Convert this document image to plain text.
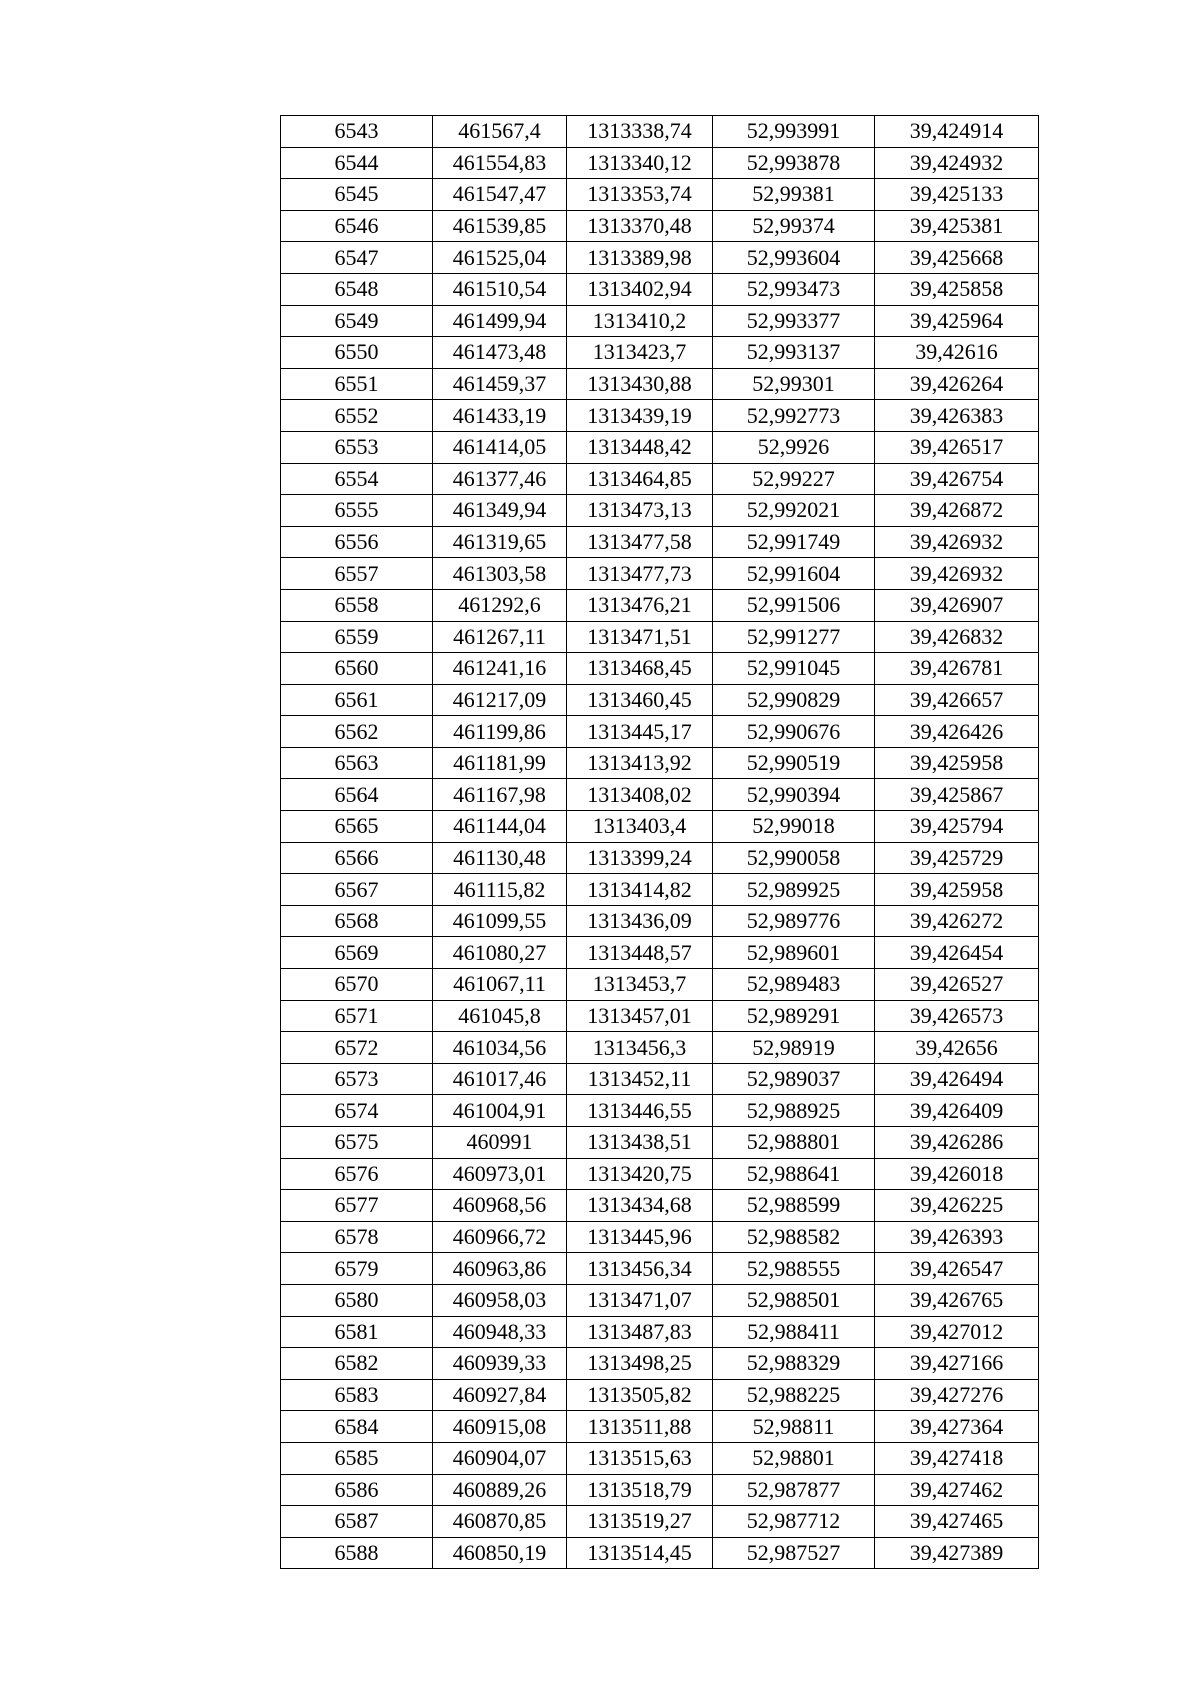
6543	461567,4	1313338,74	52,993991	39,424914
6544	461554,83	1313340,12	52,993878	39,424932
6545	461547,47	1313353,74	52,99381	39,425133
6546	461539,85	1313370,48	52,99374	39,425381
6547	461525,04	1313389,98	52,993604	39,425668
6548	461510,54	1313402,94	52,993473	39,425858
6549	461499,94	1313410,2	52,993377	39,425964
6550	461473,48	1313423,7	52,993137	39,42616
6551	461459,37	1313430,88	52,99301	39,426264
6552	461433,19	1313439,19	52,992773	39,426383
6553	461414,05	1313448,42	52,9926	39,426517
6554	461377,46	1313464,85	52,99227	39,426754
6555	461349,94	1313473,13	52,992021	39,426872
6556	461319,65	1313477,58	52,991749	39,426932
6557	461303,58	1313477,73	52,991604	39,426932
6558	461292,6	1313476,21	52,991506	39,426907
6559	461267,11	1313471,51	52,991277	39,426832
6560	461241,16	1313468,45	52,991045	39,426781
6561	461217,09	1313460,45	52,990829	39,426657
6562	461199,86	1313445,17	52,990676	39,426426
6563	461181,99	1313413,92	52,990519	39,425958
6564	461167,98	1313408,02	52,990394	39,425867
6565	461144,04	1313403,4	52,99018	39,425794
6566	461130,48	1313399,24	52,990058	39,425729
6567	461115,82	1313414,82	52,989925	39,425958
6568	461099,55	1313436,09	52,989776	39,426272
6569	461080,27	1313448,57	52,989601	39,426454
6570	461067,11	1313453,7	52,989483	39,426527
6571	461045,8	1313457,01	52,989291	39,426573
6572	461034,56	1313456,3	52,98919	39,42656
6573	461017,46	1313452,11	52,989037	39,426494
6574	461004,91	1313446,55	52,988925	39,426409
6575	460991	1313438,51	52,988801	39,426286
6576	460973,01	1313420,75	52,988641	39,426018
6577	460968,56	1313434,68	52,988599	39,426225
6578	460966,72	1313445,96	52,988582	39,426393
6579	460963,86	1313456,34	52,988555	39,426547
6580	460958,03	1313471,07	52,988501	39,426765
6581	460948,33	1313487,83	52,988411	39,427012
6582	460939,33	1313498,25	52,988329	39,427166
6583	460927,84	1313505,82	52,988225	39,427276
6584	460915,08	1313511,88	52,98811	39,427364
6585	460904,07	1313515,63	52,98801	39,427418
6586	460889,26	1313518,79	52,987877	39,427462
6587	460870,85	1313519,27	52,987712	39,427465
6588	460850,19	1313514,45	52,987527	39,427389
